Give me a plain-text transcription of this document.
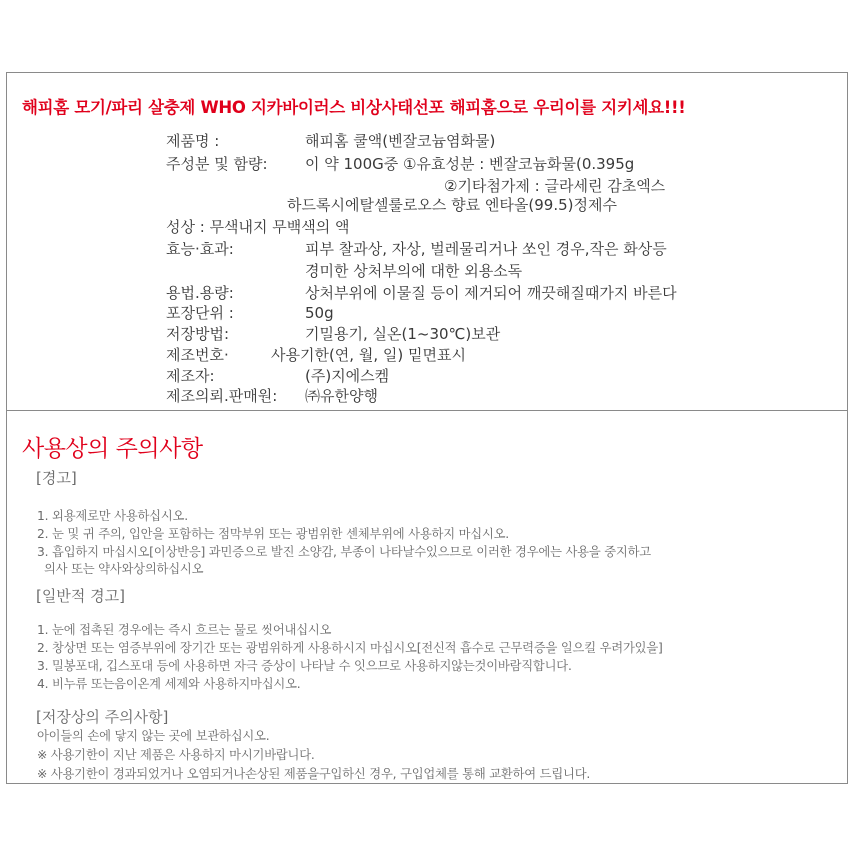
해피홈 모기/파리 살충제 WHO 지카바이러스 비상사태선포 해피홈으로 우리이를 지키세요!!!
제품명 :	해피홈 쿨액(벤잘코늄염화물)
주성분 및 함량: 이 약 100G중 ①유효성분 : 벤잘코늄화물(0.395g
②기타첨가제 : 글라세린 감초엑스
하드록시에탈셀룰로오스 향료 엔타올(99.5)정제수
성상 : 무색내지 무백색의 액
효능·효과:	피부 찰과상, 자상, 벌레물리거나 쏘인 경우,작은 화상등
경미한 상처부의에 대한 외용소독
용법.용량:	상처부위에 이물질 등이 제거되어 깨끗해질때가지 바른다
포장단위 :	50g
저장방법:	기밀용기, 실온(1~30℃)보관
제조번호·	사용기한(연, 월, 일) 밑면표시
제조자:	(주)지에스켐
제조의뢰.판매원: ㈜유한양행
사용상의 주의사항
[경고]
1. 외용제로만 사용하십시오.
2. 눈 및 귀 주의, 입안을 포함하는 점막부위 또는 광범위한 센체부위에 사용하지 마십시오.
3. 흡입하지 마십시오[이상반응] 과민증으로 발진 소양감, 부종이 나타날수있으므로 이러한 경우에는 사용을 중지하고
의사 또는 약사와상의하십시오
[일반적 경고]
1. 눈에 접촉된 경우에는 즉시 흐르는 물로 씻어내십시오
2. 창상면 또는 염증부위에 장기간 또는 광범위하게 사용하시지 마십시오[전신적 흡수로 근무력증을 일으킬 우려가있을]
3. 밀봉포대, 깁스포대 등에 사용하면 자극 증상이 나타날 수 잇으므로 사용하지않는것이바람직합니다.
4. 비누류 또는음이온계 세제와 사용하지마십시오.
[저장상의 주의사항]
아이들의 손에 닿지 않는 곳에 보관하십시오.
※ 사용기한이 지난 제품은 사용하지 마시기바랍니다.
※ 사용기한이 경과되었거나 오염되거나손상된 제품을구입하신 경우, 구입업체를 통해 교환하여 드립니다.
